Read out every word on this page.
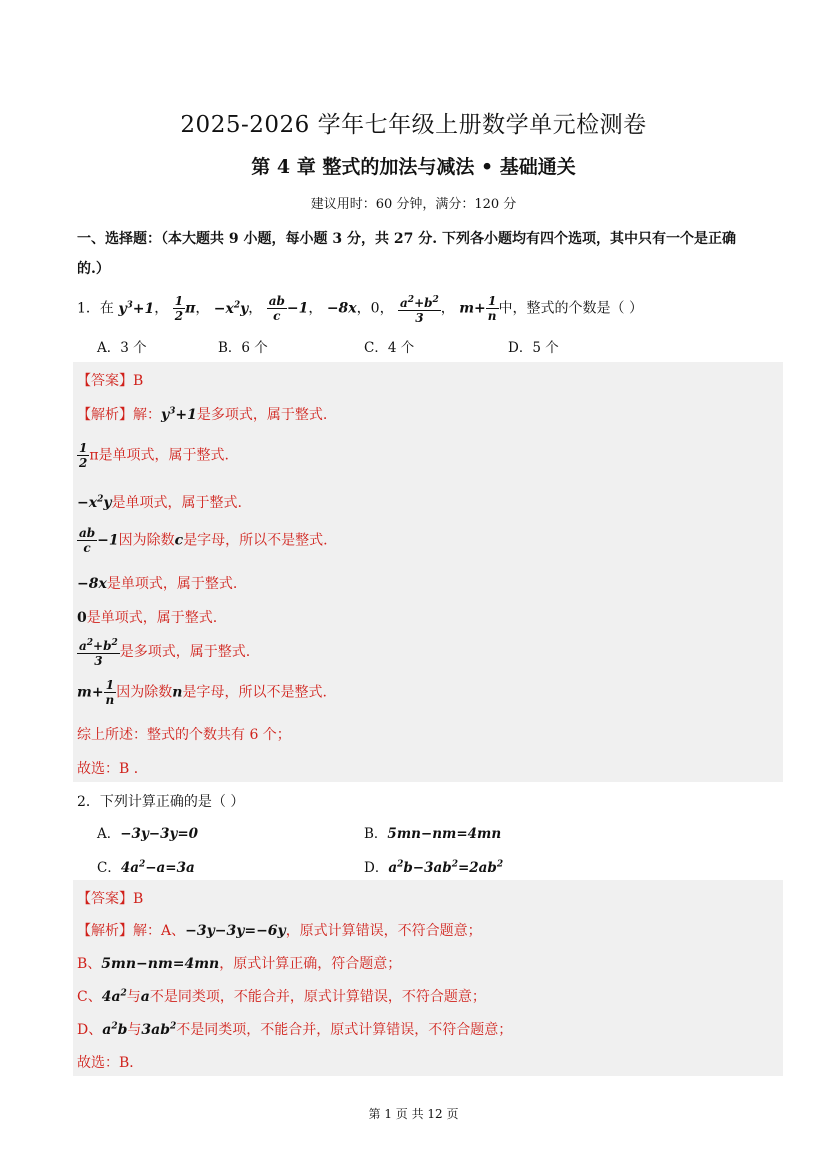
2025-2026 学年七年级上册数学单元检测卷
第 4 章 整式的加法与减法 • 基础通关
建议用时：60 分钟，满分：120 分
一、选择题：（本大题共 9 小题，每小题 3 分，共 27 分. 下列各小题均有四个选项，其中只有一个是正确的.）
1．在 $y^3+1$， $\frac{1}{2}$ π， $-x^2y$， $\frac{ab}{c} -1$， −8x，0， $\frac{a^2+b^2}{3}$ ， $m+ \frac{1}{n}$ 中，整式的个数是（ ）
A．3 个	B．6 个	C．4 个	D．5 个
【答案】B
【解析】解：$y^3+1$是多项式，属于整式.
$\frac{1}{2}$ π是单项式，属于整式.
$-x^2y$是单项式，属于整式.
$\frac{ab}{c} -1$因为除数c是字母，所以不是整式.
−8x是单项式，属于整式.
0是单项式，属于整式.
$\frac{a^2+b^2}{3}$ 是多项式，属于整式.
$m+ \frac{1}{n}$ 因为除数n是字母，所以不是整式.
综上所述：整式的个数共有 6 个；
故选：B ．
2．下列计算正确的是（ ）
A．−3y−3y=0	B．5mn−nm=4mn
C．$4a^2-a=3a$	D．$a^2b-3ab^2=2ab^2$
【答案】B
【解析】解：A、−3y−3y=−6y，原式计算错误，不符合题意；
B、5mn−nm=4mn，原式计算正确，符合题意；
C、$4a^2$与a不是同类项，不能合并，原式计算错误，不符合题意；
D、$a^2b$与$3ab^2$不是同类项，不能合并，原式计算错误，不符合题意；
故选：B．
第 1 页 共 12 页
